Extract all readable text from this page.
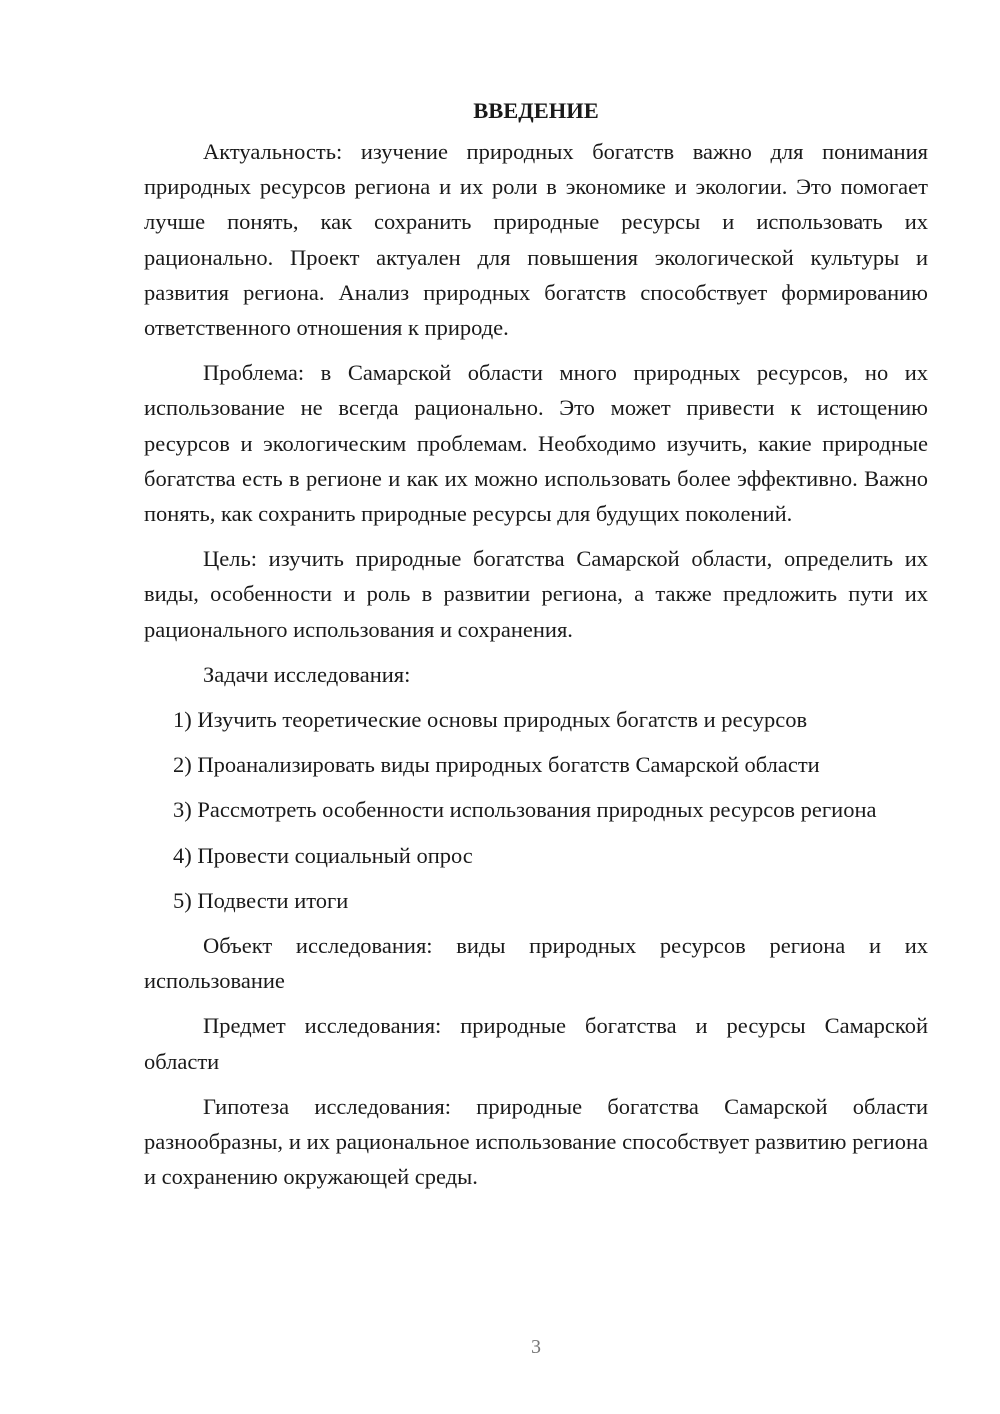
ВВЕДЕНИЕ

Актуальность: изучение природных богатств важно для понимания природных ресурсов региона и их роли в экономике и экологии. Это помогает лучше понять, как сохранить природные ресурсы и использовать их рационально. Проект актуален для повышения экологической культуры и развития региона. Анализ природных богатств способствует формированию ответственного отношения к природе.

Проблема: в Самарской области много природных ресурсов, но их использование не всегда рационально. Это может привести к истощению ресурсов и экологическим проблемам. Необходимо изучить, какие природные богатства есть в регионе и как их можно использовать более эффективно. Важно понять, как сохранить природные ресурсы для будущих поколений.

Цель: изучить природные богатства Самарской области, определить их виды, особенности и роль в развитии региона, а также предложить пути их рационального использования и сохранения.

Задачи исследования:

1) Изучить теоретические основы природных богатств и ресурсов

2) Проанализировать виды природных богатств Самарской области

3) Рассмотреть особенности использования природных ресурсов региона

4) Провести социальный опрос

5) Подвести итоги

Объект исследования: виды природных ресурсов региона и их использование

Предмет исследования: природные богатства и ресурсы Самарской области

Гипотеза исследования: природные богатства Самарской области разнообразны, и их рациональное использование способствует развитию региона и сохранению окружающей среды.

3
